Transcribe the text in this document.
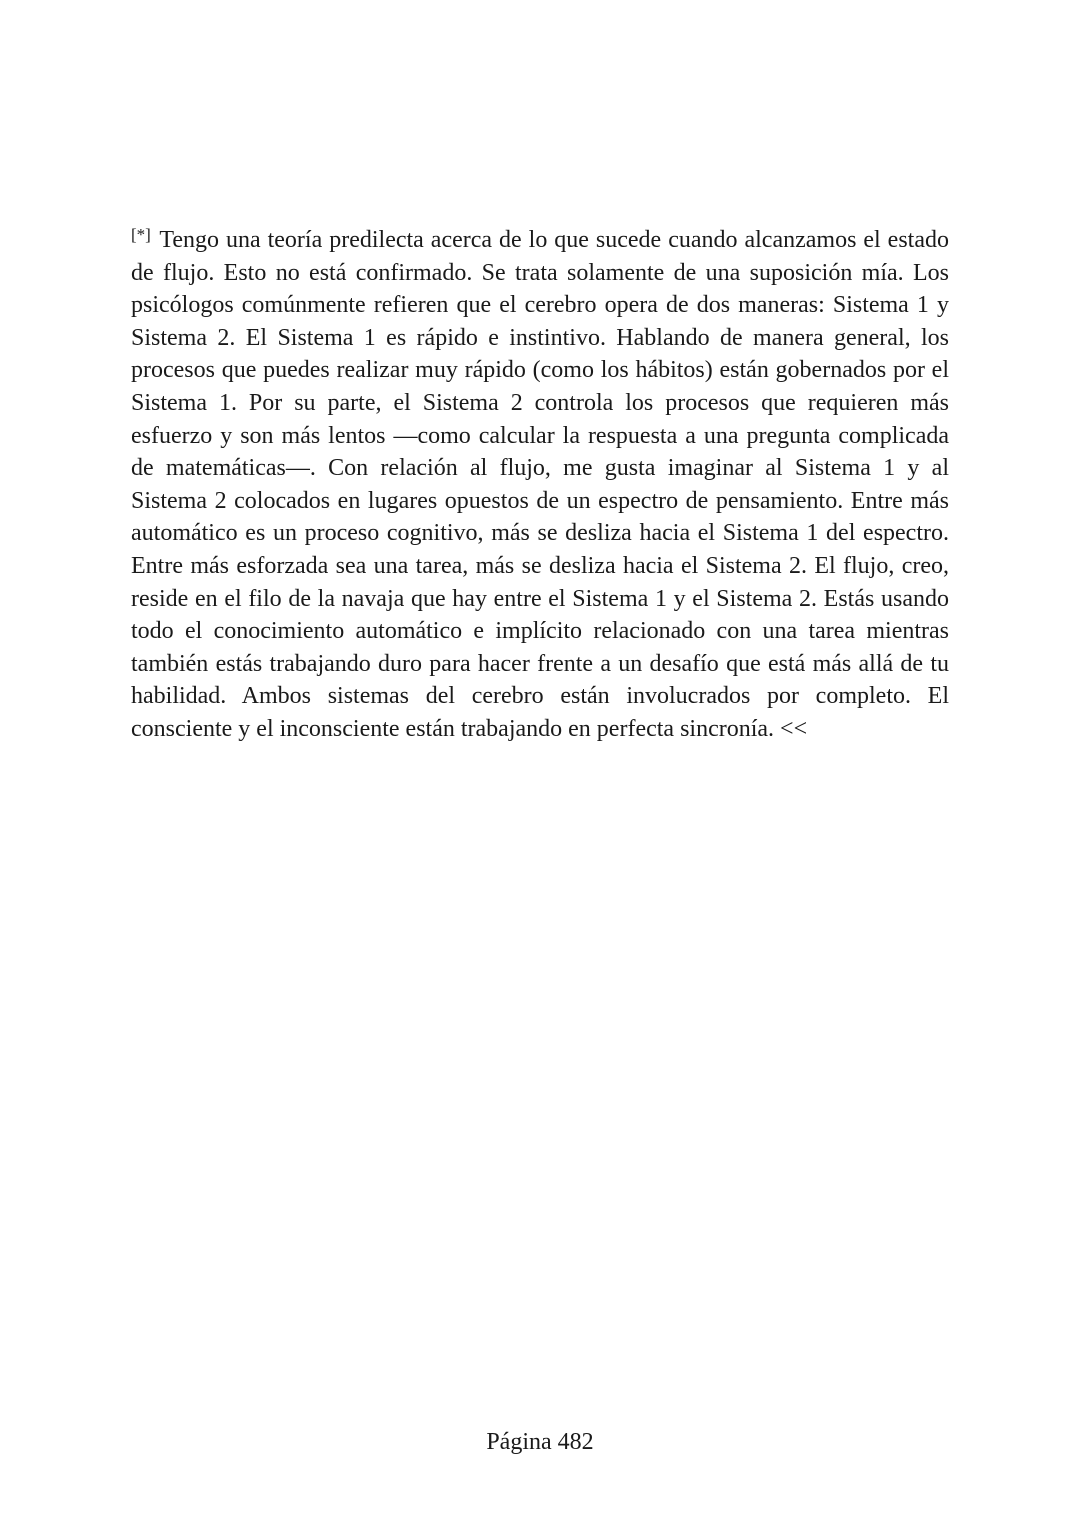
[*] Tengo una teoría predilecta acerca de lo que sucede cuando alcanzamos el estado de flujo. Esto no está confirmado. Se trata solamente de una suposición mía. Los psicólogos comúnmente refieren que el cerebro opera de dos maneras: Sistema 1 y Sistema 2. El Sistema 1 es rápido e instintivo. Hablando de manera general, los procesos que puedes realizar muy rápido (como los hábitos) están gobernados por el Sistema 1. Por su parte, el Sistema 2 controla los procesos que requieren más esfuerzo y son más lentos —como calcular la respuesta a una pregunta complicada de matemáticas—. Con relación al flujo, me gusta imaginar al Sistema 1 y al Sistema 2 colocados en lugares opuestos de un espectro de pensamiento. Entre más automático es un proceso cognitivo, más se desliza hacia el Sistema 1 del espectro. Entre más esforzada sea una tarea, más se desliza hacia el Sistema 2. El flujo, creo, reside en el filo de la navaja que hay entre el Sistema 1 y el Sistema 2. Estás usando todo el conocimiento automático e implícito relacionado con una tarea mientras también estás trabajando duro para hacer frente a un desafío que está más allá de tu habilidad. Ambos sistemas del cerebro están involucrados por completo. El consciente y el inconsciente están trabajando en perfecta sincronía. <<

Página 482
